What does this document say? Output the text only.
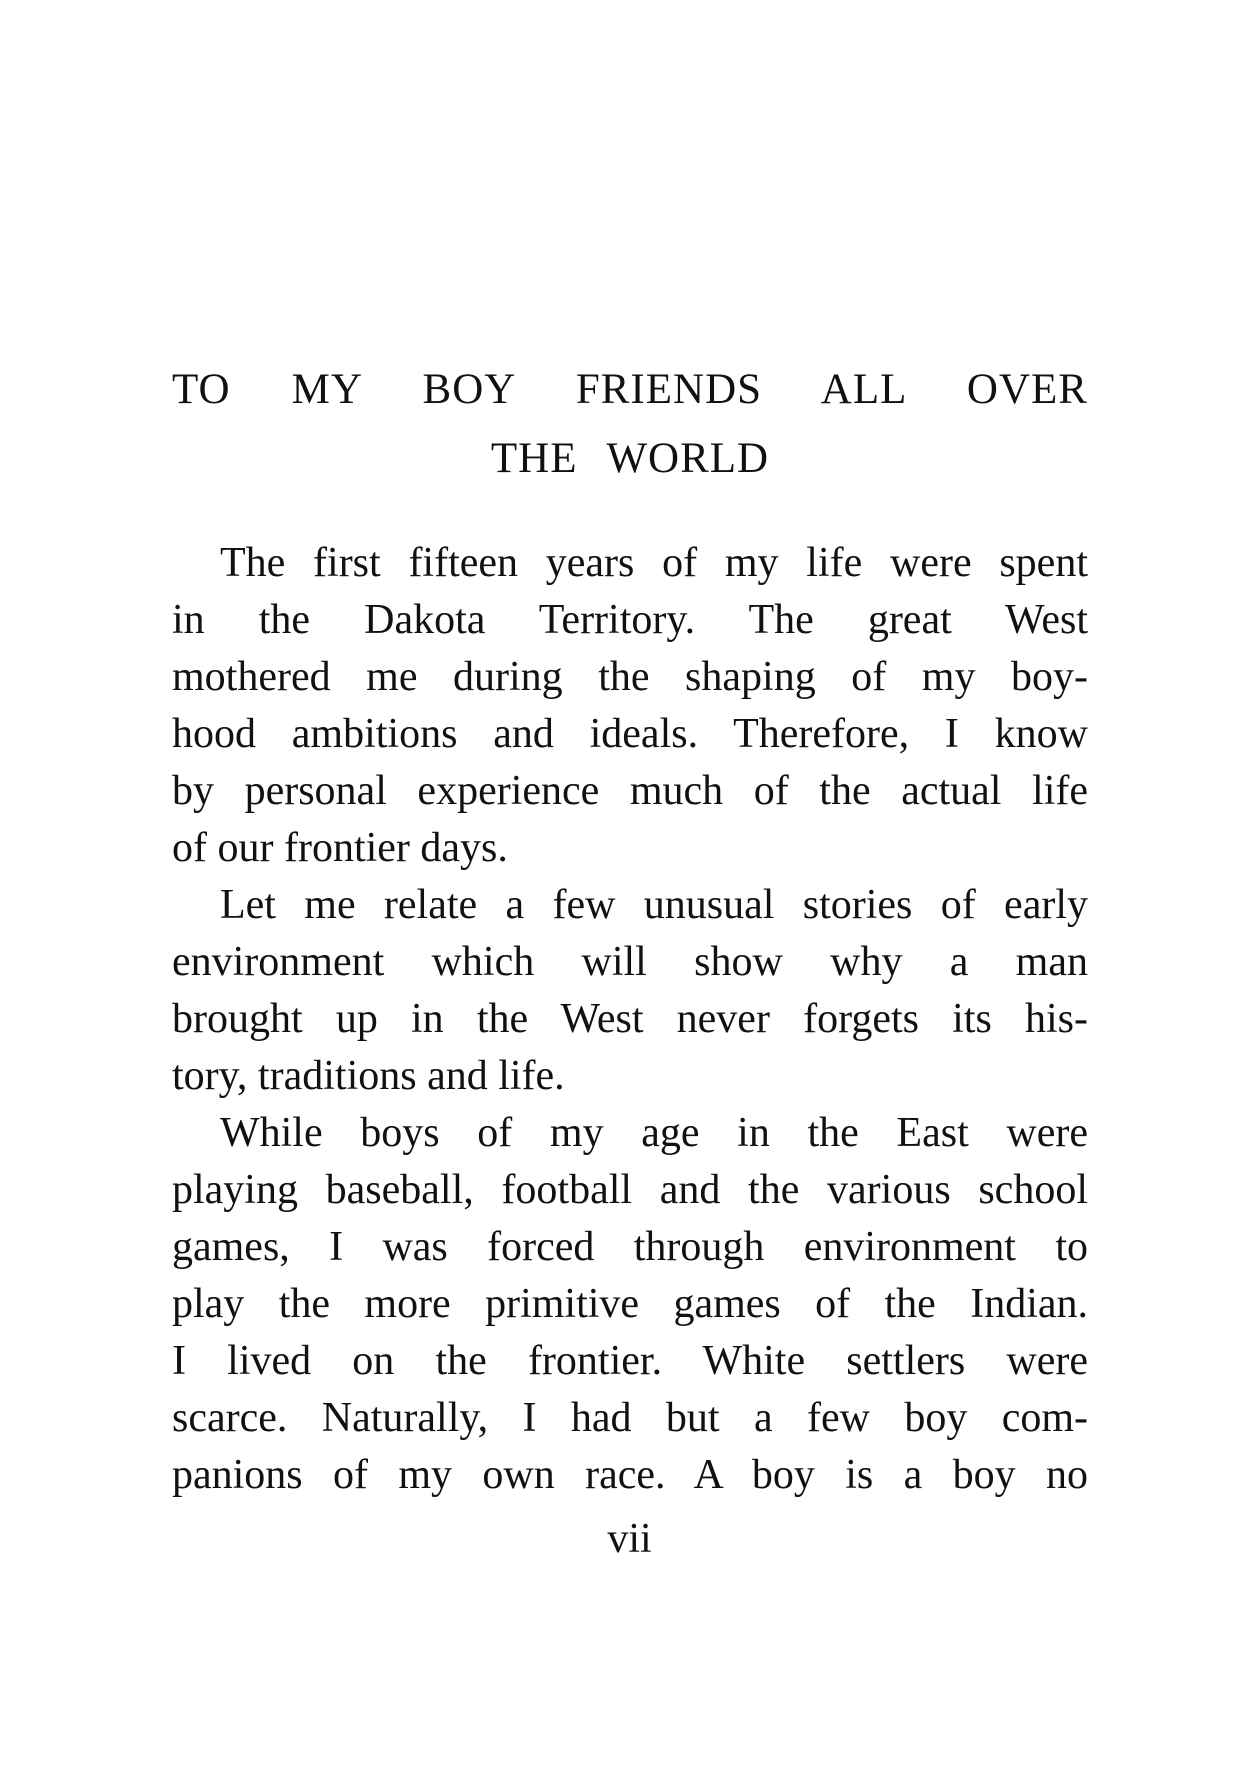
TO MY BOY FRIENDS ALL OVER
THE WORLD
The first fifteen years of my life were spent
in the Dakota Territory. The great West
mothered me during the shaping of my boy-
hood ambitions and ideals. Therefore, I know
by personal experience much of the actual life
of our frontier days.
Let me relate a few unusual stories of early
environment which will show why a man
brought up in the West never forgets its his-
tory, traditions and life.
While boys of my age in the East were
playing baseball, football and the various school
games, I was forced through environment to
play the more primitive games of the Indian.
I lived on the frontier. White settlers were
scarce. Naturally, I had but a few boy com-
panions of my own race. A boy is a boy no
vii
